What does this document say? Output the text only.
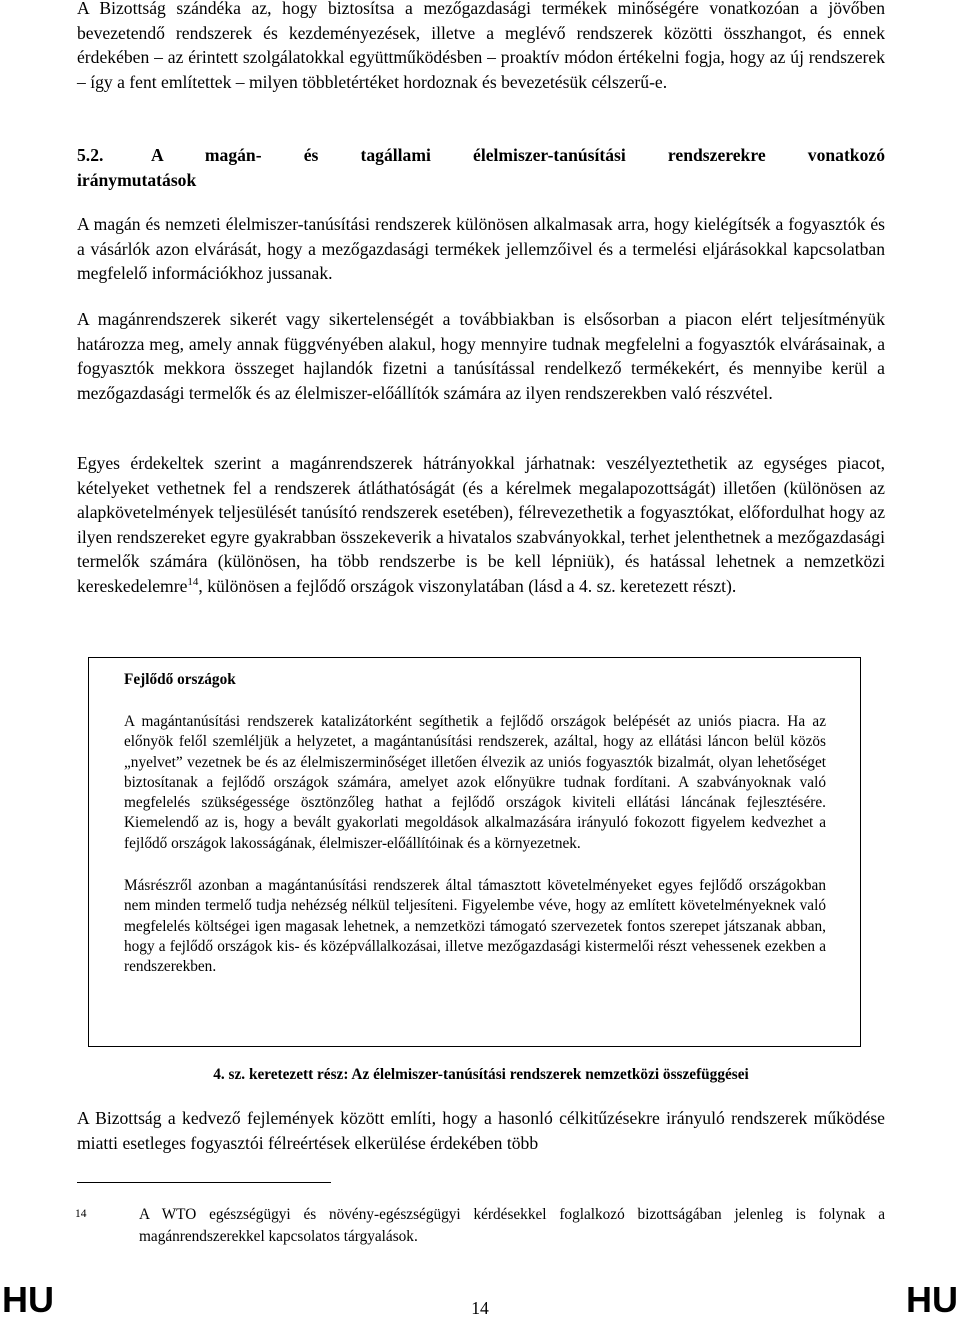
A Bizottság szándéka az, hogy biztosítsa a mezőgazdasági termékek minőségére vonatkozóan a jövőben bevezetendő rendszerek és kezdeményezések, illetve a meglévő rendszerek közötti összhangot, és ennek érdekében – az érintett szolgálatokkal együttműködésben – proaktív módon értékelni fogja, hogy az új rendszerek – így a fent említettek – milyen többletértéket hordoznak és bevezetésük célszerű-e.

5.2.	A magán- és tagállami élelmiszer-tanúsítási rendszerekre vonatkozó
iránymutatások

A magán és nemzeti élelmiszer-tanúsítási rendszerek különösen alkalmasak arra, hogy kielégítsék a fogyasztók és a vásárlók azon elvárását, hogy a mezőgazdasági termékek jellemzőivel és a termelési eljárásokkal kapcsolatban megfelelő információkhoz jussanak.

A magánrendszerek sikerét vagy sikertelenségét a továbbiakban is elsősorban a piacon elért teljesítményük határozza meg, amely annak függvényében alakul, hogy mennyire tudnak megfelelni a fogyasztók elvárásainak, a fogyasztók mekkora összeget hajlandók fizetni a tanúsítással rendelkező termékekért, és mennyibe kerül a mezőgazdasági termelők és az élelmiszer-előállítók számára az ilyen rendszerekben való részvétel.

Egyes érdekeltek szerint a magánrendszerek hátrányokkal járhatnak: veszélyeztethetik az egységes piacot, kételyeket vethetnek fel a rendszerek átláthatóságát (és a kérelmek megalapozottságát) illetően (különösen az alapkövetelmények teljesülését tanúsító rendszerek esetében), félrevezethetik a fogyasztókat, előfordulhat hogy az ilyen rendszereket egyre gyakrabban összekeverik a hivatalos szabványokkal, terhet jelenthetnek a mezőgazdasági termelők számára (különösen, ha több rendszerbe is be kell lépniük), és hatással lehetnek a nemzetközi kereskedelemre$^{14}$, különösen a fejlődő országok viszonylatában (lásd a 4. sz. keretezett részt).

Fejlődő országok

A magántanúsítási rendszerek katalizátorként segíthetik a fejlődő országok belépését az uniós piacra. Ha az előnyök felől szemléljük a helyzetet, a magántanúsítási rendszerek, azáltal, hogy az ellátási láncon belül közös „nyelvet” vezetnek be és az élelmiszerminőséget illetően élvezik az uniós fogyasztók bizalmát, olyan lehetőséget biztosítanak a fejlődő országok számára, amelyet azok előnyükre tudnak fordítani. A szabványoknak való megfelelés szükségessége ösztönzőleg hathat a fejlődő országok kiviteli ellátási láncának fejlesztésére. Kiemelendő az is, hogy a bevált gyakorlati megoldások alkalmazására irányuló fokozott figyelem kedvezhet a fejlődő országok lakosságának, élelmiszer-előállítóinak és a környezetnek.

Másrészről azonban a magántanúsítási rendszerek által támasztott követelményeket egyes fejlődő országokban nem minden termelő tudja nehézség nélkül teljesíteni. Figyelembe véve, hogy az említett követelményeknek való megfelelés költségei igen magasak lehetnek, a nemzetközi támogató szervezetek fontos szerepet játszanak abban, hogy a fejlődő országok kis- és középvállalkozásai, illetve mezőgazdasági kistermelői részt vehessenek ezekben a rendszerekben.

4. sz. keretezett rész: Az élelmiszer-tanúsítási rendszerek nemzetközi összefüggései

A Bizottság a kedvező fejlemények között említi, hogy a hasonló célkitűzésekre irányuló rendszerek működése miatti esetleges fogyasztói félreértések elkerülése érdekében több

14	A WTO egészségügyi és növény-egészségügyi kérdésekkel foglalkozó bizottságában jelenleg is folynak a magánrendszerekkel kapcsolatos tárgyalások.
HU	14	HU
